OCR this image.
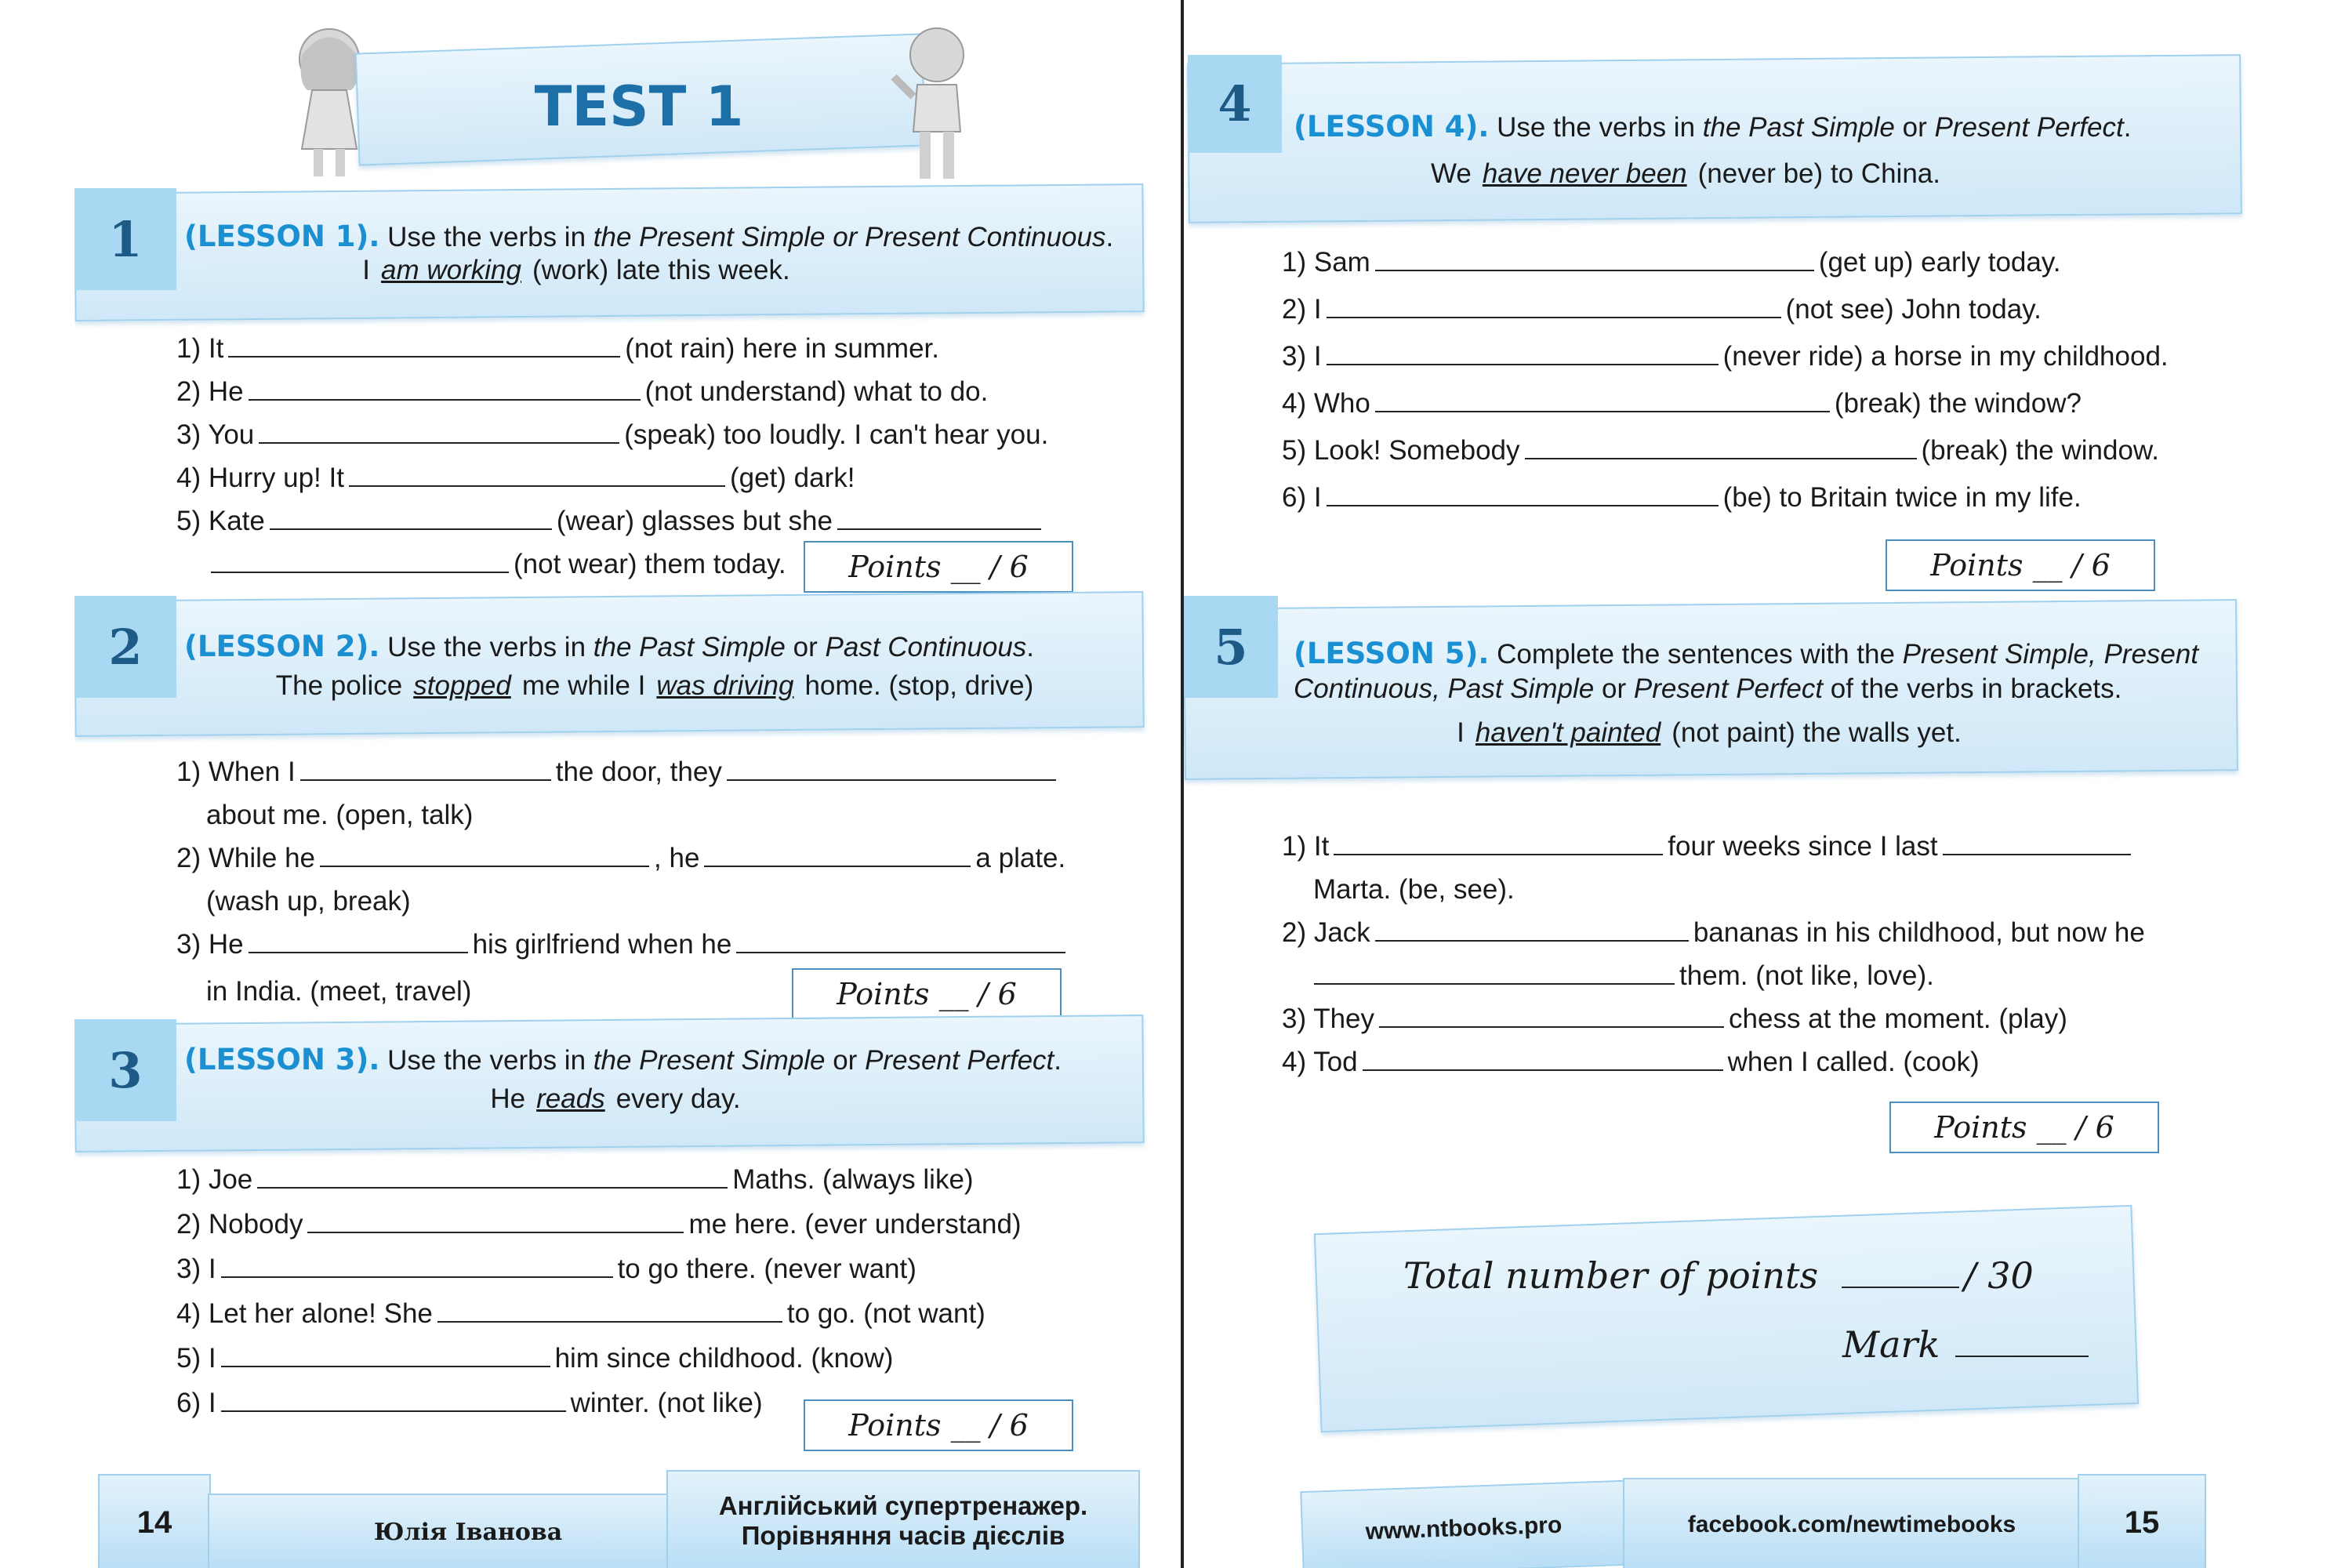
TEST 1
1	(LESSON 1). Use the verbs in the Present Simple or Present Continuous.
I am working (work) late this week.
1) It	(not rain) here in summer.
2) He	(not understand) what to do.
3) You	(speak) too loudly. I can't hear you.
4) Hurry up! It	(get) dark!
5) Kate	(wear) glasses but she
(not wear) them today.	Points __ / 6
2	(LESSON 2). Use the verbs in the Past Simple or Past Continuous.
The police stopped me while I was driving home. (stop, drive)
1) When I	the door, they
about me. (open, talk)
2) While he	, he	a plate.
(wash up, break)
3) He	his girlfriend when he
in India. (meet, travel)	Points __ / 6
3	(LESSON 3). Use the verbs in the Present Simple or Present Perfect.
He reads every day.
1) Joe	Maths. (always like)
2) Nobody	me here. (ever understand)
3) I	to go there. (never want)
4) Let her alone! She	to go. (not want)
5) I	him since childhood. (know)
6) I	winter. (not like)
Points __ / 6
14	Юлія Іванова
Англійський супертренажер.
Порівняння часів дієслів
4	(LESSON 4). Use the verbs in the Past Simple or Present Perfect.
We have never been (never be) to China.
1) Sam	(get up) early today.
2) I	(not see) John today.
3) I	(never ride) a horse in my childhood.
4) Who	(break) the window?
5) Look! Somebody	(break) the window.
6) I	(be) to Britain twice in my life.
Points __ / 6
5	(LESSON 5). Complete the sentences with the Present Simple, Present Continuous, Past Simple or Present Perfect of the verbs in brackets.
I haven't painted (not paint) the walls yet.
1) It	four weeks since I last
Marta. (be, see).
2) Jack	bananas in his childhood, but now he
them. (not like, love).
3) They	chess at the moment. (play)
4) Tod	when I called. (cook)
Points __ / 6
Total number of points	/ 30
Mark
www.ntbooks.pro	facebook.com/newtimebooks	15
